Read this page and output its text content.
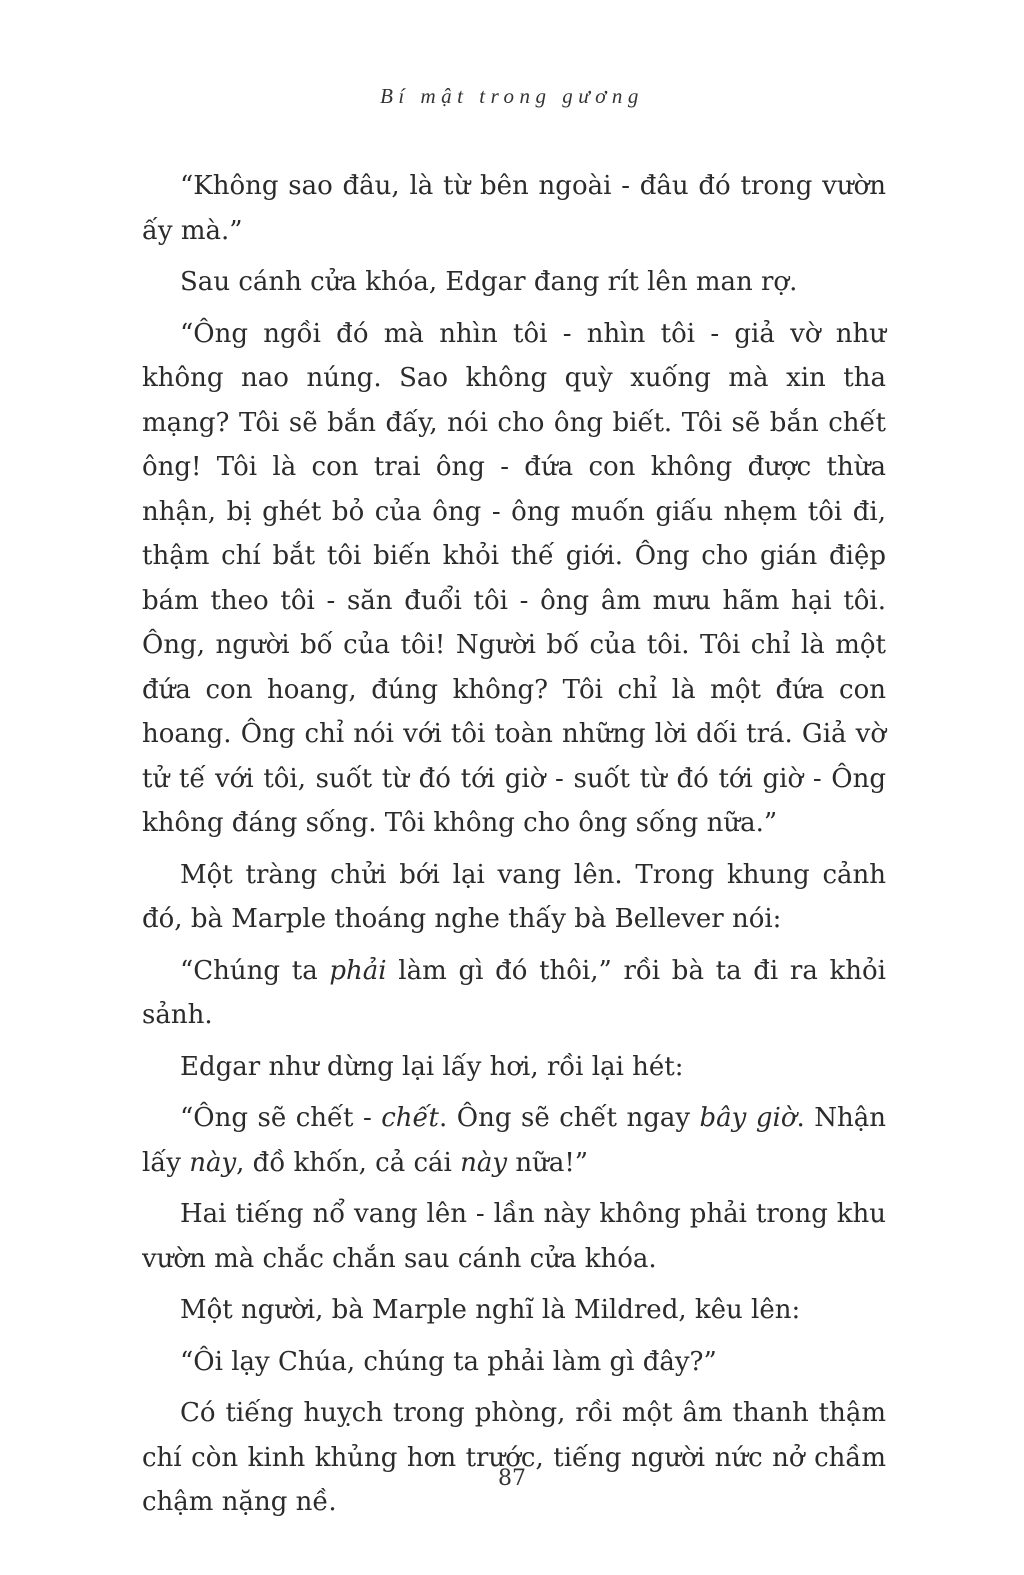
Bí mật trong gương

“Không sao đâu, là từ bên ngoài - đâu đó trong vườn ấy mà.”

Sau cánh cửa khóa, Edgar đang rít lên man rợ.

“Ông ngồi đó mà nhìn tôi - nhìn tôi - giả vờ như không nao núng. Sao không quỳ xuống mà xin tha mạng? Tôi sẽ bắn đấy, nói cho ông biết. Tôi sẽ bắn chết ông! Tôi là con trai ông - đứa con không được thừa nhận, bị ghét bỏ của ông - ông muốn giấu nhẹm tôi đi, thậm chí bắt tôi biến khỏi thế giới. Ông cho gián điệp bám theo tôi - săn đuổi tôi - ông âm mưu hãm hại tôi. Ông, người bố của tôi! Người bố của tôi. Tôi chỉ là một đứa con hoang, đúng không? Tôi chỉ là một đứa con hoang. Ông chỉ nói với tôi toàn những lời dối trá. Giả vờ tử tế với tôi, suốt từ đó tới giờ - suốt từ đó tới giờ - Ông không đáng sống. Tôi không cho ông sống nữa.”

Một tràng chửi bới lại vang lên. Trong khung cảnh đó, bà Marple thoáng nghe thấy bà Bellever nói:

“Chúng ta phải làm gì đó thôi,” rồi bà ta đi ra khỏi sảnh.

Edgar như dừng lại lấy hơi, rồi lại hét:

“Ông sẽ chết - chết. Ông sẽ chết ngay bây giờ. Nhận lấy này, đồ khốn, cả cái này nữa!”

Hai tiếng nổ vang lên - lần này không phải trong khu vườn mà chắc chắn sau cánh cửa khóa.

Một người, bà Marple nghĩ là Mildred, kêu lên:

“Ôi lạy Chúa, chúng ta phải làm gì đây?”

Có tiếng huỵch trong phòng, rồi một âm thanh thậm chí còn kinh khủng hơn trước, tiếng người nức nở chầm chậm nặng nề.

87
